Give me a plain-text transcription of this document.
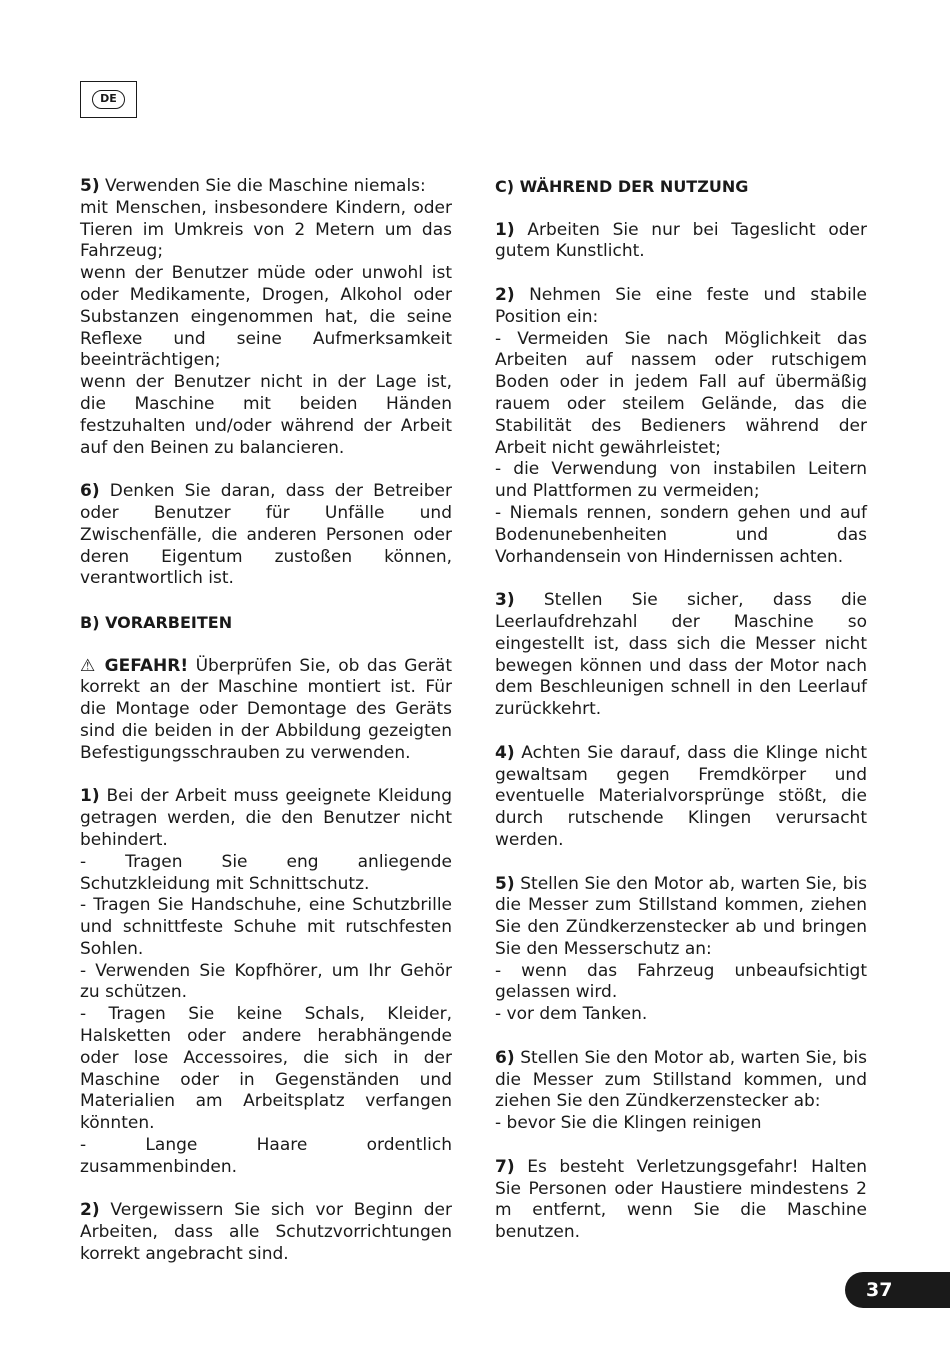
DE

5) Verwenden Sie die Maschine niemals:
mit Menschen, insbesondere Kindern, oder Tieren im Umkreis von 2 Metern um das Fahrzeug;
wenn der Benutzer müde oder unwohl ist oder Medikamente, Drogen, Alkohol oder Substanzen eingenommen hat, die seine Reflexe und seine Aufmerksamkeit beeinträchtigen;
wenn der Benutzer nicht in der Lage ist, die Maschine mit beiden Händen festzuhalten und/oder während der Arbeit auf den Beinen zu balancieren.

6) Denken Sie daran, dass der Betreiber oder Benutzer für Unfälle und Zwischenfälle, die anderen Personen oder deren Eigentum zustoßen können, verantwortlich ist.

B) VORARBEITEN

⚠ GEFAHR! Überprüfen Sie, ob das Gerät korrekt an der Maschine montiert ist. Für die Montage oder Demontage des Geräts sind die beiden in der Abbildung gezeigten Befestigungsschrauben zu verwenden.

1) Bei der Arbeit muss geeignete Kleidung getragen werden, die den Benutzer nicht behindert.
- Tragen Sie eng anliegende Schutzkleidung mit Schnittschutz.
- Tragen Sie Handschuhe, eine Schutzbrille und schnittfeste Schuhe mit rutschfesten Sohlen.
- Verwenden Sie Kopfhörer, um Ihr Gehör zu schützen.
- Tragen Sie keine Schals, Kleider, Halsketten oder andere herabhängende oder lose Accessoires, die sich in der Maschine oder in Gegenständen und Materialien am Arbeitsplatz verfangen könnten.
- Lange Haare ordentlich zusammenbinden.

2) Vergewissern Sie sich vor Beginn der Arbeiten, dass alle Schutzvorrichtungen korrekt angebracht sind.

C) WÄHREND DER NUTZUNG

1) Arbeiten Sie nur bei Tageslicht oder gutem Kunstlicht.

2) Nehmen Sie eine feste und stabile Position ein:
- Vermeiden Sie nach Möglichkeit das Arbeiten auf nassem oder rutschigem Boden oder in jedem Fall auf übermäßig rauem oder steilem Gelände, das die Stabilität des Bedieners während der Arbeit nicht gewährleistet;
- die Verwendung von instabilen Leitern und Plattformen zu vermeiden;
- Niemals rennen, sondern gehen und auf Bodenunebenheiten und das Vorhandensein von Hindernissen achten.

3) Stellen Sie sicher, dass die Leerlaufdrehzahl der Maschine so eingestellt ist, dass sich die Messer nicht bewegen können und dass der Motor nach dem Beschleunigen schnell in den Leerlauf zurückkehrt.

4) Achten Sie darauf, dass die Klinge nicht gewaltsam gegen Fremdkörper und eventuelle Materialvorsprünge stößt, die durch rutschende Klingen verursacht werden.

5) Stellen Sie den Motor ab, warten Sie, bis die Messer zum Stillstand kommen, ziehen Sie den Zündkerzenstecker ab und bringen Sie den Messerschutz an:
- wenn das Fahrzeug unbeaufsichtigt gelassen wird.
- vor dem Tanken.

6) Stellen Sie den Motor ab, warten Sie, bis die Messer zum Stillstand kommen, und ziehen Sie den Zündkerzenstecker ab:
- bevor Sie die Klingen reinigen

7) Es besteht Verletzungsgefahr! Halten Sie Personen oder Haustiere mindestens 2 m entfernt, wenn Sie die Maschine benutzen.

37
